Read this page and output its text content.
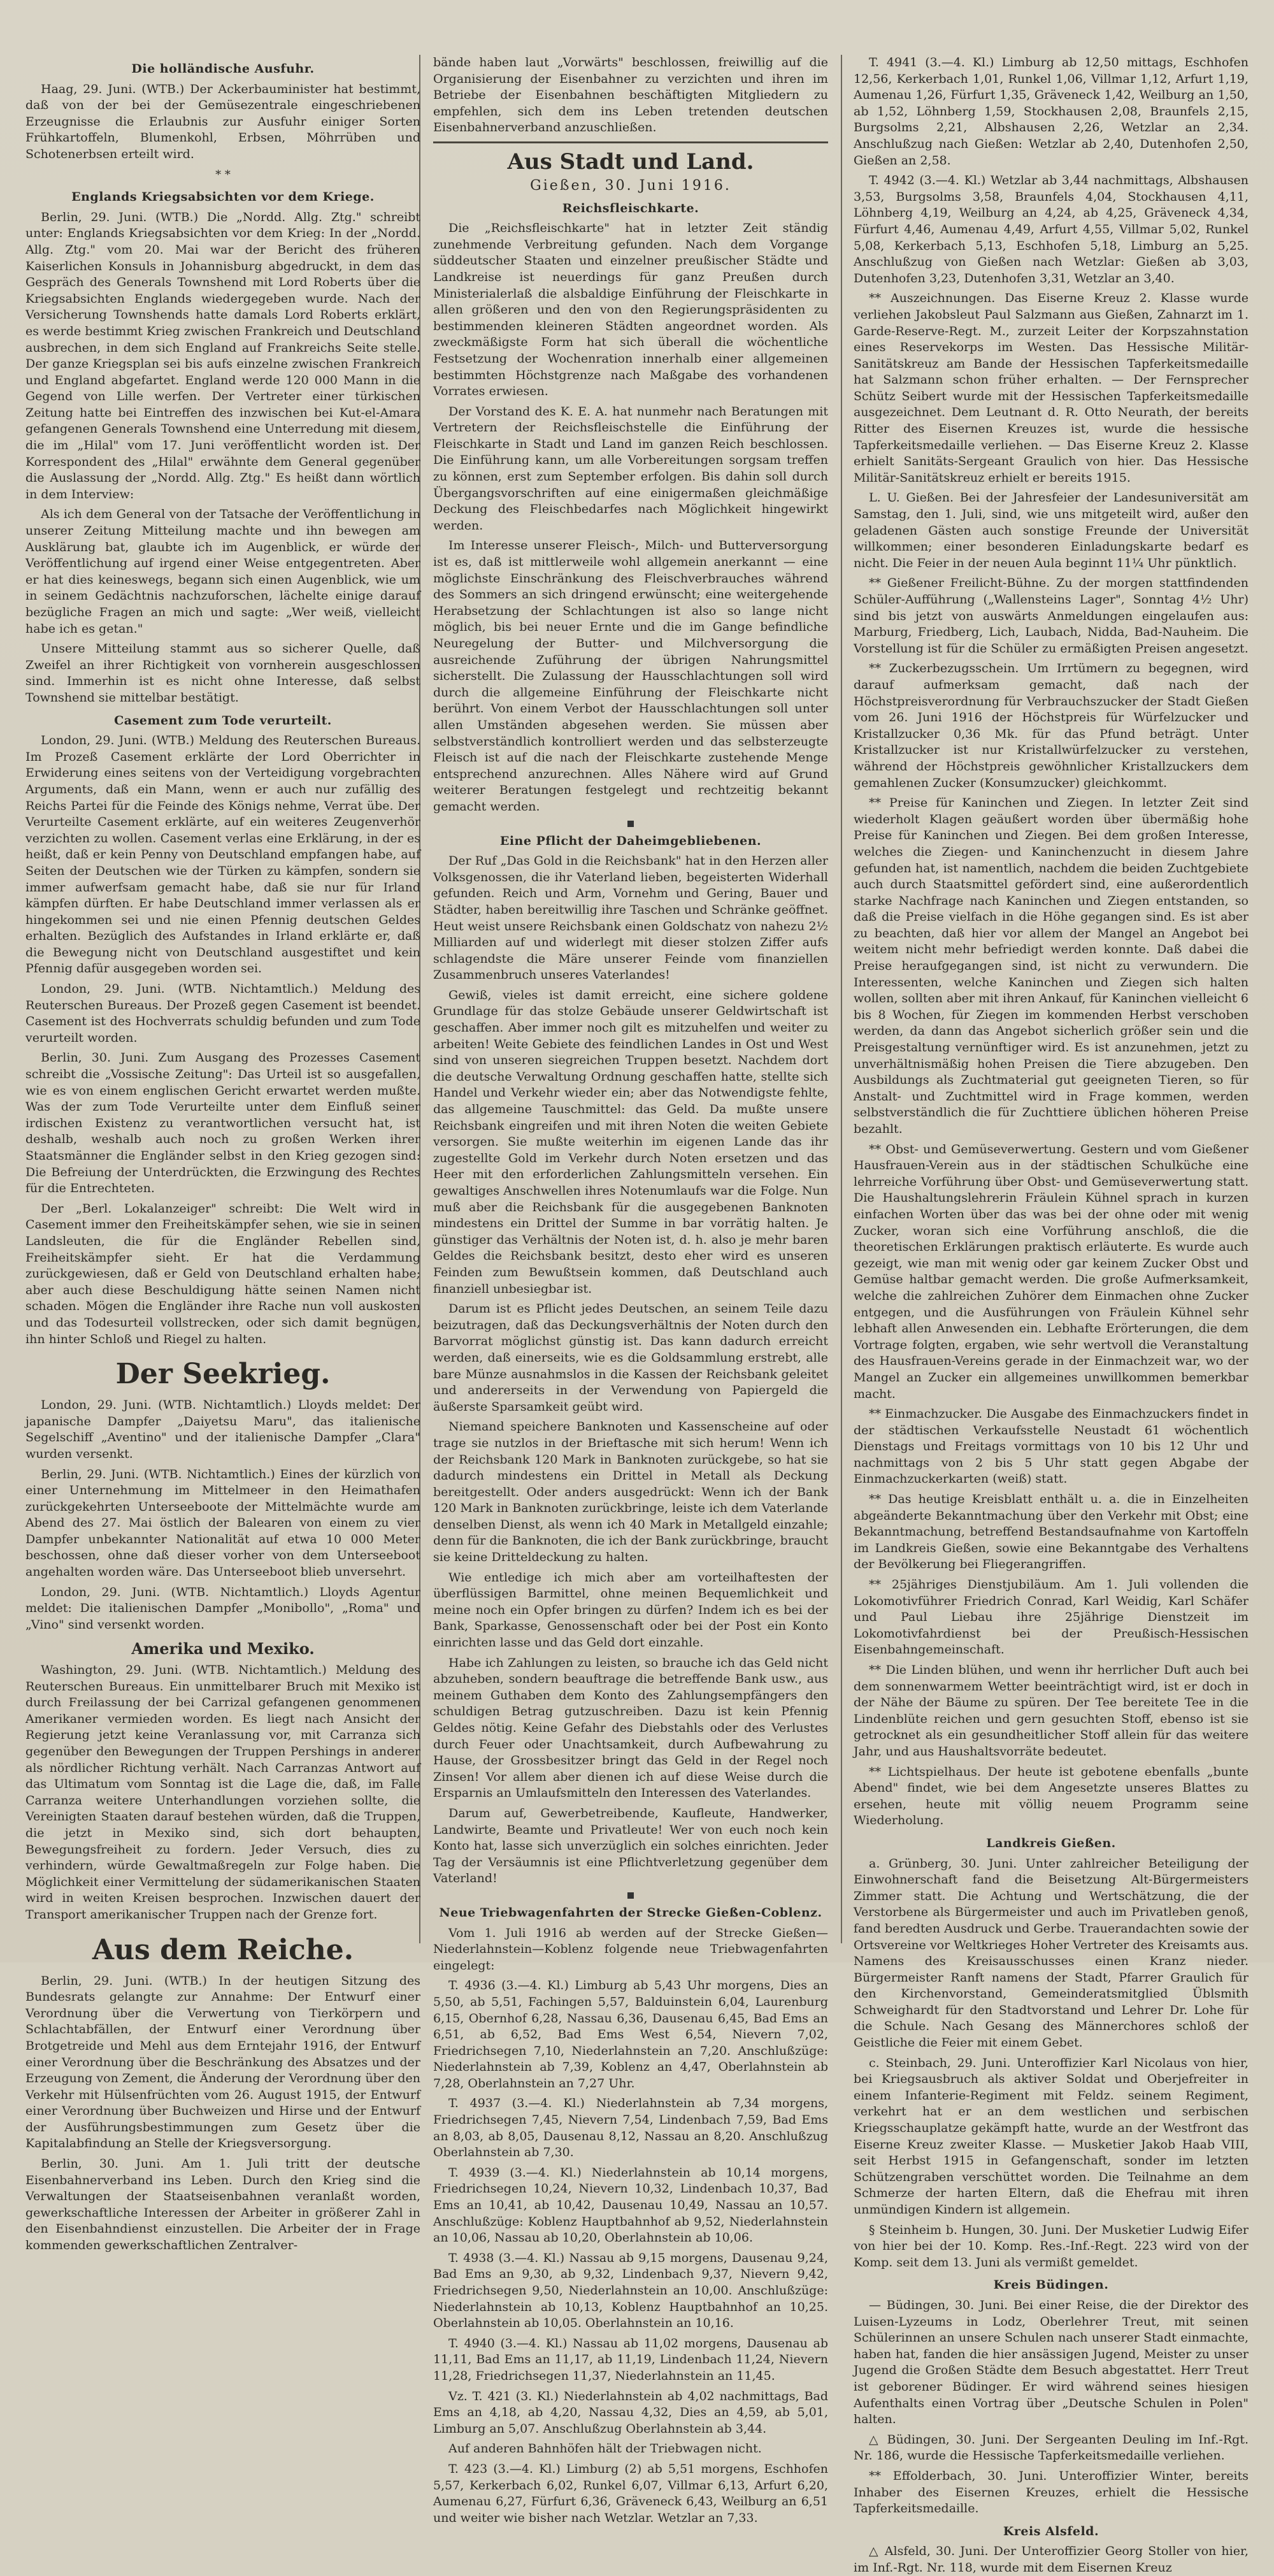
Die holländische Ausfuhr.

Haag, 29. Juni. (WTB.) Der Ackerbauminister hat bestimmt, daß von der bei der Gemüsezentrale eingeschriebenen Erzeugnisse die Erlaubnis zur Ausfuhr einiger Sorten Frühkartoffeln, Blumenkohl, Erbsen, Möhrrüben und Schotenerbsen erteilt wird.

* *
Englands Kriegsabsichten vor dem Kriege.

Berlin, 29. Juni. (WTB.) Die „Nordd. Allg. Ztg." schreibt unter: Englands Kriegsabsichten vor dem Krieg: In der „Nordd. Allg. Ztg." vom 20. Mai war der Bericht des früheren Kaiserlichen Konsuls in Johannisburg abgedruckt, in dem das Gespräch des Generals Townshend mit Lord Roberts über die Kriegsabsichten Englands wiedergegeben wurde. Nach der Versicherung Townshends hatte damals Lord Roberts erklärt, es werde bestimmt Krieg zwischen Frankreich und Deutschland ausbrechen, in dem sich England auf Frankreichs Seite stelle. Der ganze Kriegsplan sei bis aufs einzelne zwischen Frankreich und England abgefartet. England werde 120 000 Mann in die Gegend von Lille werfen. Der Vertreter einer türkischen Zeitung hatte bei Eintreffen des inzwischen bei Kut-el-Amara gefangenen Generals Townshend eine Unterredung mit diesem, die im „Hilal" vom 17. Juni veröffentlicht worden ist. Der Korrespondent des „Hilal" erwähnte dem General gegenüber die Auslassung der „Nordd. Allg. Ztg." Es heißt dann wörtlich in dem Interview:

Als ich dem General von der Tatsache der Veröffentlichung in unserer Zeitung Mitteilung machte und ihn bewegen am Ausklärung bat, glaubte ich im Augenblick, er würde der Veröffentlichung auf irgend einer Weise entgegentreten. Aber er hat dies keineswegs, begann sich einen Augenblick, wie um in seinem Gedächtnis nachzuforschen, lächelte einige darauf bezügliche Fragen an mich und sagte: „Wer weiß, vielleicht habe ich es getan."

Unsere Mitteilung stammt aus so sicherer Quelle, daß Zweifel an ihrer Richtigkeit von vornherein ausgeschlossen sind. Immerhin ist es nicht ohne Interesse, daß selbst Townshend sie mittelbar bestätigt.

Casement zum Tode verurteilt.

London, 29. Juni. (WTB.) Meldung des Reuterschen Bureaus. Im Prozeß Casement erklärte der Lord Oberrichter in Erwiderung eines seitens von der Verteidigung vorgebrachten Arguments, daß ein Mann, wenn er auch nur zufällig des Reichs Partei für die Feinde des Königs nehme, Verrat übe. Der Verurteilte Casement erklärte, auf ein weiteres Zeugenverhör verzichten zu wollen. Casement verlas eine Erklärung, in der es heißt, daß er kein Penny von Deutschland empfangen habe, auf Seiten der Deutschen wie der Türken zu kämpfen, sondern sie immer aufwerfsam gemacht habe, daß sie nur für Irland kämpfen dürften. Er habe Deutschland immer verlassen als er hingekommen sei und nie einen Pfennig deutschen Geldes erhalten. Bezüglich des Aufstandes in Irland erklärte er, daß die Bewegung nicht von Deutschland ausgestiftet und kein Pfennig dafür ausgegeben worden sei.

London, 29. Juni. (WTB. Nichtamtlich.) Meldung des Reuterschen Bureaus. Der Prozeß gegen Casement ist beendet. Casement ist des Hochverrats schuldig befunden und zum Tode verurteilt worden.

Berlin, 30. Juni. Zum Ausgang des Prozesses Casement schreibt die „Vossische Zeitung": Das Urteil ist so ausgefallen, wie es von einem englischen Gericht erwartet werden mußte. Was der zum Tode Verurteilte unter dem Einfluß seiner irdischen Existenz zu verantwortlichen versucht hat, ist deshalb, weshalb auch noch zu großen Werken ihrer Staatsmänner die Engländer selbst in den Krieg gezogen sind: Die Befreiung der Unterdrückten, die Erzwingung des Rechtes für die Entrechteten.

Der „Berl. Lokalanzeiger" schreibt: Die Welt wird in Casement immer den Freiheitskämpfer sehen, wie sie in seinen Landsleuten, die für die Engländer Rebellen sind, Freiheitskämpfer sieht. Er hat die Verdammung zurückgewiesen, daß er Geld von Deutschland erhalten habe; aber auch diese Beschuldigung hätte seinen Namen nicht schaden. Mögen die Engländer ihre Rache nun voll auskosten und das Todesurteil vollstrecken, oder sich damit begnügen, ihn hinter Schloß und Riegel zu halten.

Der Seekrieg.

London, 29. Juni. (WTB. Nichtamtlich.) Lloyds meldet: Der japanische Dampfer „Daiyetsu Maru", das italienische Segelschiff „Aventino" und der italienische Dampfer „Clara" wurden versenkt.

Berlin, 29. Juni. (WTB. Nichtamtlich.) Eines der kürzlich von einer Unternehmung im Mittelmeer in den Heimathafen zurückgekehrten Unterseeboote der Mittelmächte wurde am Abend des 27. Mai östlich der Balearen von einem zu vier Dampfer unbekannter Nationalität auf etwa 10 000 Meter beschossen, ohne daß dieser vorher von dem Unterseeboot angehalten worden wäre. Das Unterseeboot blieb unversehrt.

London, 29. Juni. (WTB. Nichtamtlich.) Lloyds Agentur meldet: Die italienischen Dampfer „Monibollo", „Roma" und „Vino" sind versenkt worden.

Amerika und Mexiko.

Washington, 29. Juni. (WTB. Nichtamtlich.) Meldung des Reuterschen Bureaus. Ein unmittelbarer Bruch mit Mexiko ist durch Freilassung der bei Carrizal gefangenen genommenen Amerikaner vermieden worden. Es liegt nach Ansicht der Regierung jetzt keine Veranlassung vor, mit Carranza sich gegenüber den Bewegungen der Truppen Pershings in anderer als nördlicher Richtung verhält. Nach Carranzas Antwort auf das Ultimatum vom Sonntag ist die Lage die, daß, im Falle Carranza weitere Unterhandlungen vorziehen sollte, die Vereinigten Staaten darauf bestehen würden, daß die Truppen, die jetzt in Mexiko sind, sich dort behaupten, Bewegungsfreiheit zu fordern. Jeder Versuch, dies zu verhindern, würde Gewaltmaßregeln zur Folge haben. Die Möglichkeit einer Vermittelung der südamerikanischen Staaten wird in weiten Kreisen besprochen. Inzwischen dauert der Transport amerikanischer Truppen nach der Grenze fort.

Aus dem Reiche.

Berlin, 29. Juni. (WTB.) In der heutigen Sitzung des Bundesrats gelangte zur Annahme: Der Entwurf einer Verordnung über die Verwertung von Tierkörpern und Schlachtabfällen, der Entwurf einer Verordnung über Brotgetreide und Mehl aus dem Erntejahr 1916, der Entwurf einer Verordnung über die Beschränkung des Absatzes und der Erzeugung von Zement, die Änderung der Verordnung über den Verkehr mit Hülsenfrüchten vom 26. August 1915, der Entwurf einer Verordnung über Buchweizen und Hirse und der Entwurf der Ausführungsbestimmungen zum Gesetz über die Kapitalabfindung an Stelle der Kriegsversorgung.

Berlin, 30. Juni. Am 1. Juli tritt der deutsche Eisenbahnerverband ins Leben. Durch den Krieg sind die Verwaltungen der Staatseisenbahnen veranlaßt worden, gewerkschaftliche Interessen der Arbeiter in größerer Zahl in den Eisenbahndienst einzustellen. Die Arbeiter der in Frage kommenden gewerkschaftlichen Zentralver-

bände haben laut „Vorwärts" beschlossen, freiwillig auf die Organisierung der Eisenbahner zu verzichten und ihren im Betriebe der Eisenbahnen beschäftigten Mitgliedern zu empfehlen, sich dem ins Leben tretenden deutschen Eisenbahnerverband anzuschließen.

Aus Stadt und Land.
Gießen, 30. Juni 1916.
Reichsfleischkarte.

Die „Reichsfleischkarte" hat in letzter Zeit ständig zunehmende Verbreitung gefunden. Nach dem Vorgange süddeutscher Staaten und einzelner preußischer Städte und Landkreise ist neuerdings für ganz Preußen durch Ministerialerlaß die alsbaldige Einführung der Fleischkarte in allen größeren und den von den Regierungspräsidenten zu bestimmenden kleineren Städten angeordnet worden. Als zweckmäßigste Form hat sich überall die wöchentliche Festsetzung der Wochenration innerhalb einer allgemeinen bestimmten Höchstgrenze nach Maßgabe des vorhandenen Vorrates erwiesen.

Der Vorstand des K. E. A. hat nunmehr nach Beratungen mit Vertretern der Reichsfleischstelle die Einführung der Fleischkarte in Stadt und Land im ganzen Reich beschlossen. Die Einführung kann, um alle Vorbereitungen sorgsam treffen zu können, erst zum September erfolgen. Bis dahin soll durch Übergangsvorschriften auf eine einigermaßen gleichmäßige Deckung des Fleischbedarfes nach Möglichkeit hingewirkt werden.

Im Interesse unserer Fleisch-, Milch- und Butterversorgung ist es, daß ist mittlerweile wohl allgemein anerkannt — eine möglichste Einschränkung des Fleischverbrauches während des Sommers an sich dringend erwünscht; eine weitergehende Herabsetzung der Schlachtungen ist also so lange nicht möglich, bis bei neuer Ernte und die im Gange befindliche Neuregelung der Butter- und Milchversorgung die ausreichende Zuführung der übrigen Nahrungsmittel sicherstellt. Die Zulassung der Hausschlachtungen soll wird durch die allgemeine Einführung der Fleischkarte nicht berührt. Von einem Verbot der Hausschlachtungen soll unter allen Umständen abgesehen werden. Sie müssen aber selbstverständlich kontrolliert werden und das selbsterzeugte Fleisch ist auf die nach der Fleischkarte zustehende Menge entsprechend anzurechnen. Alles Nähere wird auf Grund weiterer Beratungen festgelegt und rechtzeitig bekannt gemacht werden.

Eine Pflicht der Daheimgebliebenen.

Der Ruf „Das Gold in die Reichsbank" hat in den Herzen aller Volksgenossen, die ihr Vaterland lieben, begeisterten Widerhall gefunden. Reich und Arm, Vornehm und Gering, Bauer und Städter, haben bereitwillig ihre Taschen und Schränke geöffnet. Heut weist unsere Reichsbank einen Goldschatz von nahezu 2½ Milliarden auf und widerlegt mit dieser stolzen Ziffer aufs schlagendste die Märe unserer Feinde vom finanziellen Zusammenbruch unseres Vaterlandes!

Gewiß, vieles ist damit erreicht, eine sichere goldene Grundlage für das stolze Gebäude unserer Geldwirtschaft ist geschaffen. Aber immer noch gilt es mitzuhelfen und weiter zu arbeiten! Weite Gebiete des feindlichen Landes in Ost und West sind von unseren siegreichen Truppen besetzt. Nachdem dort die deutsche Verwaltung Ordnung geschaffen hatte, stellte sich Handel und Verkehr wieder ein; aber das Notwendigste fehlte, das allgemeine Tauschmittel: das Geld. Da mußte unsere Reichsbank eingreifen und mit ihren Noten die weiten Gebiete versorgen. Sie mußte weiterhin im eigenen Lande das ihr zugestellte Gold im Verkehr durch Noten ersetzen und das Heer mit den erforderlichen Zahlungsmitteln versehen. Ein gewaltiges Anschwellen ihres Notenumlaufs war die Folge. Nun muß aber die Reichsbank für die ausgegebenen Banknoten mindestens ein Drittel der Summe in bar vorrätig halten. Je günstiger das Verhältnis der Noten ist, d. h. also je mehr baren Geldes die Reichsbank besitzt, desto eher wird es unseren Feinden zum Bewußtsein kommen, daß Deutschland auch finanziell unbesiegbar ist.

Darum ist es Pflicht jedes Deutschen, an seinem Teile dazu beizutragen, daß das Deckungsverhältnis der Noten durch den Barvorrat möglichst günstig ist. Das kann dadurch erreicht werden, daß einerseits, wie es die Goldsammlung erstrebt, alle bare Münze ausnahmslos in die Kassen der Reichsbank geleitet und andererseits in der Verwendung von Papiergeld die äußerste Sparsamkeit geübt wird.

Niemand speichere Banknoten und Kassenscheine auf oder trage sie nutzlos in der Brieftasche mit sich herum! Wenn ich der Reichsbank 120 Mark in Banknoten zurückgebe, so hat sie dadurch mindestens ein Drittel in Metall als Deckung bereitgestellt. Oder anders ausgedrückt: Wenn ich der Bank 120 Mark in Banknoten zurückbringe, leiste ich dem Vaterlande denselben Dienst, als wenn ich 40 Mark in Metallgeld einzahle; denn für die Banknoten, die ich der Bank zurückbringe, braucht sie keine Dritteldeckung zu halten.

Wie entledige ich mich aber am vorteilhaftesten der überflüssigen Barmittel, ohne meinen Bequemlichkeit und meine noch ein Opfer bringen zu dürfen? Indem ich es bei der Bank, Sparkasse, Genossenschaft oder bei der Post ein Konto einrichten lasse und das Geld dort einzahle.

Habe ich Zahlungen zu leisten, so brauche ich das Geld nicht abzuheben, sondern beauftrage die betreffende Bank usw., aus meinem Guthaben dem Konto des Zahlungsempfängers den schuldigen Betrag gutzuschreiben. Dazu ist kein Pfennig Geldes nötig. Keine Gefahr des Diebstahls oder des Verlustes durch Feuer oder Unachtsamkeit, durch Aufbewahrung zu Hause, der Grossbesitzer bringt das Geld in der Regel noch Zinsen! Vor allem aber dienen ich auf diese Weise durch die Ersparnis an Umlaufsmitteln den Interessen des Vaterlandes.

Darum auf, Gewerbetreibende, Kaufleute, Handwerker, Landwirte, Beamte und Privatleute! Wer von euch noch kein Konto hat, lasse sich unverzüglich ein solches einrichten. Jeder Tag der Versäumnis ist eine Pflichtverletzung gegenüber dem Vaterland!

Neue Triebwagenfahrten der Strecke Gießen-Coblenz.

Vom 1. Juli 1916 ab werden auf der Strecke Gießen—Niederlahnstein—Koblenz folgende neue Triebwagenfahrten eingelegt:

T. 4936 (3.—4. Kl.) Limburg ab 5,43 Uhr morgens, Dies an 5,50, ab 5,51, Fachingen 5,57, Balduinstein 6,04, Laurenburg 6,15, Obernhof 6,28, Nassau 6,36, Dausenau 6,45, Bad Ems an 6,51, ab 6,52, Bad Ems West 6,54, Nievern 7,02, Friedrichsegen 7,10, Niederlahnstein an 7,20. Anschlußzüge: Niederlahnstein ab 7,39, Koblenz an 4,47, Oberlahnstein ab 7,28, Oberlahnstein an 7,27 Uhr.

T. 4937 (3.—4. Kl.) Niederlahnstein ab 7,34 morgens, Friedrichsegen 7,45, Nievern 7,54, Lindenbach 7,59, Bad Ems an 8,03, ab 8,05, Dausenau 8,12, Nassau an 8,20. Anschlußzug Oberlahnstein ab 7,30.

T. 4939 (3.—4. Kl.) Niederlahnstein ab 10,14 morgens, Friedrichsegen 10,24, Nievern 10,32, Lindenbach 10,37, Bad Ems an 10,41, ab 10,42, Dausenau 10,49, Nassau an 10,57. Anschlußzüge: Koblenz Hauptbahnhof ab 9,52, Niederlahnstein an 10,06, Nassau ab 10,20, Oberlahnstein ab 10,06.

T. 4938 (3.—4. Kl.) Nassau ab 9,15 morgens, Dausenau 9,24, Bad Ems an 9,30, ab 9,32, Lindenbach 9,37, Nievern 9,42, Friedrichsegen 9,50, Niederlahnstein an 10,00. Anschlußzüge: Niederlahnstein ab 10,13, Koblenz Hauptbahnhof an 10,25. Oberlahnstein ab 10,05. Oberlahnstein an 10,16.

T. 4940 (3.—4. Kl.) Nassau ab 11,02 morgens, Dausenau ab 11,11, Bad Ems an 11,17, ab 11,19, Lindenbach 11,24, Nievern 11,28, Friedrichsegen 11,37, Niederlahnstein an 11,45.

Vz. T. 421 (3. Kl.) Niederlahnstein ab 4,02 nachmittags, Bad Ems an 4,18, ab 4,20, Nassau 4,32, Dies an 4,59, ab 5,01, Limburg an 5,07. Anschlußzug Oberlahnstein ab 3,44.

Auf anderen Bahnhöfen hält der Triebwagen nicht.

T. 423 (3.—4. Kl.) Limburg (2) ab 5,51 morgens, Eschhofen 5,57, Kerkerbach 6,02, Runkel 6,07, Villmar 6,13, Arfurt 6,20, Aumenau 6,27, Fürfurt 6,36, Gräveneck 6,43, Weilburg an 6,51 und weiter wie bisher nach Wetzlar. Wetzlar an 7,33.

T. 4941 (3.—4. Kl.) Limburg ab 12,50 mittags, Eschhofen 12,56, Kerkerbach 1,01, Runkel 1,06, Villmar 1,12, Arfurt 1,19, Aumenau 1,26, Fürfurt 1,35, Gräveneck 1,42, Weilburg an 1,50, ab 1,52, Löhnberg 1,59, Stockhausen 2,08, Braunfels 2,15, Burgsolms 2,21, Albshausen 2,26, Wetzlar an 2,34. Anschlußzug nach Gießen: Wetzlar ab 2,40, Dutenhofen 2,50, Gießen an 2,58.

T. 4942 (3.—4. Kl.) Wetzlar ab 3,44 nachmittags, Albshausen 3,53, Burgsolms 3,58, Braunfels 4,04, Stockhausen 4,11, Löhnberg 4,19, Weilburg an 4,24, ab 4,25, Gräveneck 4,34, Fürfurt 4,46, Aumenau 4,49, Arfurt 4,55, Villmar 5,02, Runkel 5,08, Kerkerbach 5,13, Eschhofen 5,18, Limburg an 5,25. Anschlußzug von Gießen nach Wetzlar: Gießen ab 3,03, Dutenhofen 3,23, Dutenhofen 3,31, Wetzlar an 3,40.

** Auszeichnungen. Das Eiserne Kreuz 2. Klasse wurde verliehen Jakobsleut Paul Salzmann aus Gießen, Zahnarzt im 1. Garde-Reserve-Regt. M., zurzeit Leiter der Korpszahnstation eines Reservekorps im Westen. Das Hessische Militär-Sanitätskreuz am Bande der Hessischen Tapferkeitsmedaille hat Salzmann schon früher erhalten. — Der Fernsprecher Schütz Seibert wurde mit der Hessischen Tapferkeitsmedaille ausgezeichnet. Dem Leutnant d. R. Otto Neurath, der bereits Ritter des Eisernen Kreuzes ist, wurde die hessische Tapferkeitsmedaille verliehen. — Das Eiserne Kreuz 2. Klasse erhielt Sanitäts-Sergeant Graulich von hier. Das Hessische Militär-Sanitätskreuz erhielt er bereits 1915.

L. U. Gießen. Bei der Jahresfeier der Landesuniversität am Samstag, den 1. Juli, sind, wie uns mitgeteilt wird, außer den geladenen Gästen auch sonstige Freunde der Universität willkommen; einer besonderen Einladungskarte bedarf es nicht. Die Feier in der neuen Aula beginnt 11¼ Uhr pünktlich.

** Gießener Freilicht-Bühne. Zu der morgen stattfindenden Schüler-Aufführung („Wallensteins Lager", Sonntag 4½ Uhr) sind bis jetzt von auswärts Anmeldungen eingelaufen aus: Marburg, Friedberg, Lich, Laubach, Nidda, Bad-Nauheim. Die Vorstellung ist für die Schüler zu ermäßigten Preisen angesetzt.

** Zuckerbezugsschein. Um Irrtümern zu begegnen, wird darauf aufmerksam gemacht, daß nach der Höchstpreisverordnung für Verbrauchszucker der Stadt Gießen vom 26. Juni 1916 der Höchstpreis für Würfelzucker und Kristallzucker 0,36 Mk. für das Pfund beträgt. Unter Kristallzucker ist nur Kristallwürfelzucker zu verstehen, während der Höchstpreis gewöhnlicher Kristallzuckers dem gemahlenen Zucker (Konsumzucker) gleichkommt.

** Preise für Kaninchen und Ziegen. In letzter Zeit sind wiederholt Klagen geäußert worden über übermäßig hohe Preise für Kaninchen und Ziegen. Bei dem großen Interesse, welches die Ziegen- und Kaninchenzucht in diesem Jahre gefunden hat, ist namentlich, nachdem die beiden Zuchtgebiete auch durch Staatsmittel gefördert sind, eine außerordentlich starke Nachfrage nach Kaninchen und Ziegen entstanden, so daß die Preise vielfach in die Höhe gegangen sind. Es ist aber zu beachten, daß hier vor allem der Mangel an Angebot bei weitem nicht mehr befriedigt werden konnte. Daß dabei die Preise heraufgegangen sind, ist nicht zu verwundern. Die Interessenten, welche Kaninchen und Ziegen sich halten wollen, sollten aber mit ihren Ankauf, für Kaninchen vielleicht 6 bis 8 Wochen, für Ziegen im kommenden Herbst verschoben werden, da dann das Angebot sicherlich größer sein und die Preisgestaltung vernünftiger wird. Es ist anzunehmen, jetzt zu unverhältnismäßig hohen Preisen die Tiere abzugeben. Den Ausbildungs als Zuchtmaterial gut geeigneten Tieren, so für Anstalt- und Zuchtmittel wird in Frage kommen, werden selbstverständlich die für Zuchttiere üblichen höheren Preise bezahlt.

** Obst- und Gemüseverwertung. Gestern und vom Gießener Hausfrauen-Verein aus in der städtischen Schulküche eine lehrreiche Vorführung über Obst- und Gemüseverwertung statt. Die Haushaltungslehrerin Fräulein Kühnel sprach in kurzen einfachen Worten über das was bei der ohne oder mit wenig Zucker, woran sich eine Vorführung anschloß, die die theoretischen Erklärungen praktisch erläuterte. Es wurde auch gezeigt, wie man mit wenig oder gar keinem Zucker Obst und Gemüse haltbar gemacht werden. Die große Aufmerksamkeit, welche die zahlreichen Zuhörer dem Einmachen ohne Zucker entgegen, und die Ausführungen von Fräulein Kühnel sehr lebhaft allen Anwesenden ein. Lebhafte Erörterungen, die dem Vortrage folgten, ergaben, wie sehr wertvoll die Veranstaltung des Hausfrauen-Vereins gerade in der Einmachzeit war, wo der Mangel an Zucker ein allgemeines unwillkommen bemerkbar macht.

** Einmachzucker. Die Ausgabe des Einmachzuckers findet in der städtischen Verkaufsstelle Neustadt 61 wöchentlich Dienstags und Freitags vormittags von 10 bis 12 Uhr und nachmittags von 2 bis 5 Uhr statt gegen Abgabe der Einmachzuckerkarten (weiß) statt.

** Das heutige Kreisblatt enthält u. a. die in Einzelheiten abgeänderte Bekanntmachung über den Verkehr mit Obst; eine Bekanntmachung, betreffend Bestandsaufnahme von Kartoffeln im Landkreis Gießen, sowie eine Bekanntgabe des Verhaltens der Bevölkerung bei Fliegerangriffen.

** 25jähriges Dienstjubiläum. Am 1. Juli vollenden die Lokomotivführer Friedrich Conrad, Karl Weidig, Karl Schäfer und Paul Liebau ihre 25jährige Dienstzeit im Lokomotivfahrdienst bei der Preußisch-Hessischen Eisenbahngemeinschaft.

** Die Linden blühen, und wenn ihr herrlicher Duft auch bei dem sonnenwarmem Wetter beeinträchtigt wird, ist er doch in der Nähe der Bäume zu spüren. Der Tee bereitete Tee in die Lindenblüte reichen und gern gesuchten Stoff, ebenso ist sie getrocknet als ein gesundheitlicher Stoff allein für das weitere Jahr, und aus Haushaltsvorräte bedeutet.

** Lichtspielhaus. Der heute ist gebotene ebenfalls „bunte Abend" findet, wie bei dem Angesetzte unseres Blattes zu ersehen, heute mit völlig neuem Programm seine Wiederholung.

Landkreis Gießen.

a. Grünberg, 30. Juni. Unter zahlreicher Beteiligung der Einwohnerschaft fand die Beisetzung Alt-Bürgermeisters Zimmer statt. Die Achtung und Wertschätzung, die der Verstorbene als Bürgermeister und auch im Privatleben genoß, fand beredten Ausdruck und Gerbe. Trauerandachten sowie der Ortsvereine vor Weltkrieges Hoher Vertreter des Kreisamts aus. Namens des Kreisausschusses einen Kranz nieder. Bürgermeister Ranft namens der Stadt, Pfarrer Graulich für den Kirchenvorstand, Gemeinderatsmitglied Üblsmith Schweighardt für den Stadtvorstand und Lehrer Dr. Lohe für die Schule. Nach Gesang des Männerchores schloß der Geistliche die Feier mit einem Gebet.

c. Steinbach, 29. Juni. Unteroffizier Karl Nicolaus von hier, bei Kriegsausbruch als aktiver Soldat und Oberjefreiter in einem Infanterie-Regiment mit Feldz. seinem Regiment, verkehrt hat er an dem westlichen und serbischen Kriegsschauplatze gekämpft hatte, wurde an der Westfront das Eiserne Kreuz zweiter Klasse. — Musketier Jakob Haab VIII, seit Herbst 1915 in Gefangenschaft, sonder im letzten Schützengraben verschüttet worden. Die Teilnahme an dem Schmerze der harten Eltern, daß die Ehefrau mit ihren unmündigen Kindern ist allgemein.

§ Steinheim b. Hungen, 30. Juni. Der Musketier Ludwig Eifer von hier bei der 10. Komp. Res.-Inf.-Regt. 223 wird von der Komp. seit dem 13. Juni als vermißt gemeldet.

Kreis Büdingen.

— Büdingen, 30. Juni. Bei einer Reise, die der Direktor des Luisen-Lyzeums in Lodz, Oberlehrer Treut, mit seinen Schülerinnen an unsere Schulen nach unserer Stadt einmachte, haben hat, fanden die hier ansässigen Jugend, Meister zu unser Jugend die Großen Städte dem Besuch abgestattet. Herr Treut ist geborener Büdinger. Er wird während seines hiesigen Aufenthalts einen Vortrag über „Deutsche Schulen in Polen" halten.

△ Büdingen, 30. Juni. Der Sergeanten Deuling im Inf.-Rgt. Nr. 186, wurde die Hessische Tapferkeitsmedaille verliehen.

** Effolderbach, 30. Juni. Unteroffizier Winter, bereits Inhaber des Eisernen Kreuzes, erhielt die Hessische Tapferkeitsmedaille.

Kreis Alsfeld.

△ Alsfeld, 30. Juni. Der Unteroffizier Georg Stoller von hier, im Inf.-Rgt. Nr. 118, wurde mit dem Eisernen Kreuz
